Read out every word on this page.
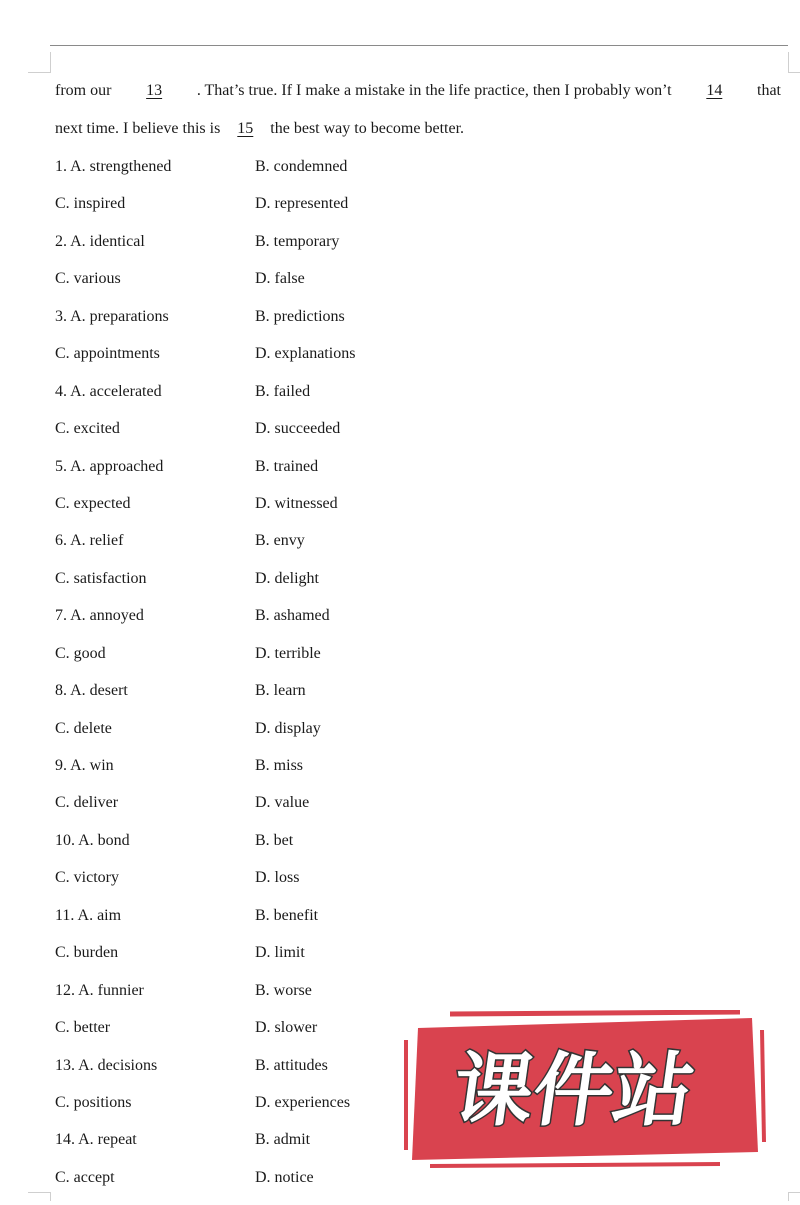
from our	13	. That’s true. If I make a mistake in the life practice, then I probably won’t	14	that
next time. I believe this is 15 the best way to become better.
1. A. strengthened	B. condemned
C. inspired	D. represented
2. A. identical	B. temporary
C. various	D. false
3. A. preparations	B. predictions
C. appointments	D. explanations
4. A. accelerated	B. failed
C. excited	D. succeeded
5. A. approached	B. trained
C. expected	D. witnessed
6. A. relief	B. envy
C. satisfaction	D. delight
7. A. annoyed	B. ashamed
C. good	D. terrible
8. A. desert	B. learn
C. delete	D. display
9. A. win	B. miss
C. deliver	D. value
10. A. bond	B. bet
C. victory	D. loss
11. A. aim	B. benefit
C. burden	D. limit
12. A. funnier	B. worse
C. better	D. slower
13. A. decisions	B. attitudes
C. positions	D. experiences
14. A. repeat	B. admit
C. accept	D. notice
课件站
